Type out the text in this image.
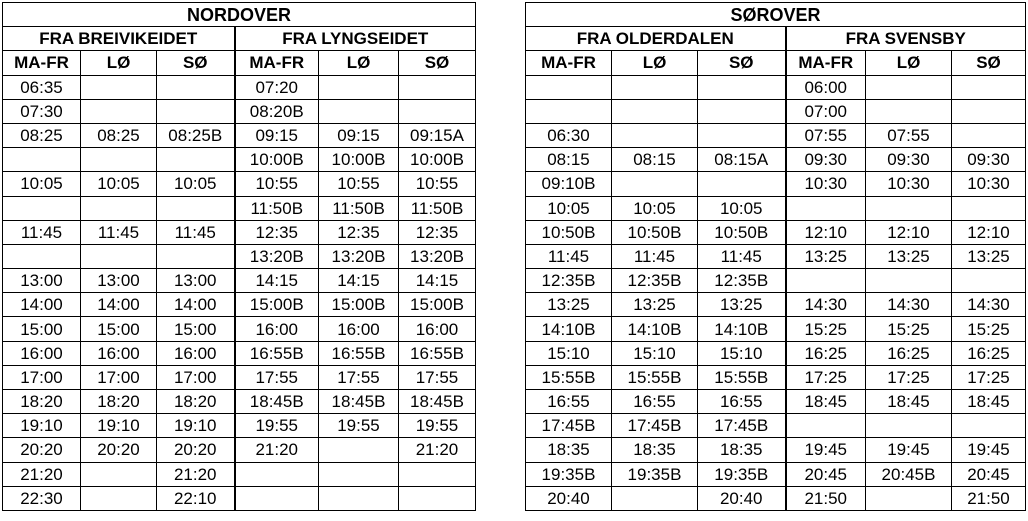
NORDOVER					
FRA BREIVIKEIDET			FRA LYNGSEIDET		
MA-FR	LØ	SØ	MA-FR	LØ	SØ
06:35			07:20		
07:30			08:20B		
08:25	08:25	08:25B	09:15	09:15	09:15A
			10:00B	10:00B	10:00B
10:05	10:05	10:05	10:55	10:55	10:55
			11:50B	11:50B	11:50B
11:45	11:45	11:45	12:35	12:35	12:35
			13:20B	13:20B	13:20B
13:00	13:00	13:00	14:15	14:15	14:15
14:00	14:00	14:00	15:00B	15:00B	15:00B
15:00	15:00	15:00	16:00	16:00	16:00
16:00	16:00	16:00	16:55B	16:55B	16:55B
17:00	17:00	17:00	17:55	17:55	17:55
18:20	18:20	18:20	18:45B	18:45B	18:45B
19:10	19:10	19:10	19:55	19:55	19:55
20:20	20:20	20:20	21:20		21:20
21:20		21:20			
22:30		22:10			
SØROVER					
FRA OLDERDALEN			FRA SVENSBY		
MA-FR	LØ	SØ	MA-FR	LØ	SØ
			06:00		
			07:00		
06:30			07:55	07:55	
08:15	08:15	08:15A	09:30	09:30	09:30
09:10B			10:30	10:30	10:30
10:05	10:05	10:05			
10:50B	10:50B	10:50B	12:10	12:10	12:10
11:45	11:45	11:45	13:25	13:25	13:25
12:35B	12:35B	12:35B			
13:25	13:25	13:25	14:30	14:30	14:30
14:10B	14:10B	14:10B	15:25	15:25	15:25
15:10	15:10	15:10	16:25	16:25	16:25
15:55B	15:55B	15:55B	17:25	17:25	17:25
16:55	16:55	16:55	18:45	18:45	18:45
17:45B	17:45B	17:45B			
18:35	18:35	18:35	19:45	19:45	19:45
19:35B	19:35B	19:35B	20:45	20:45B	20:45
20:40		20:40	21:50		21:50
